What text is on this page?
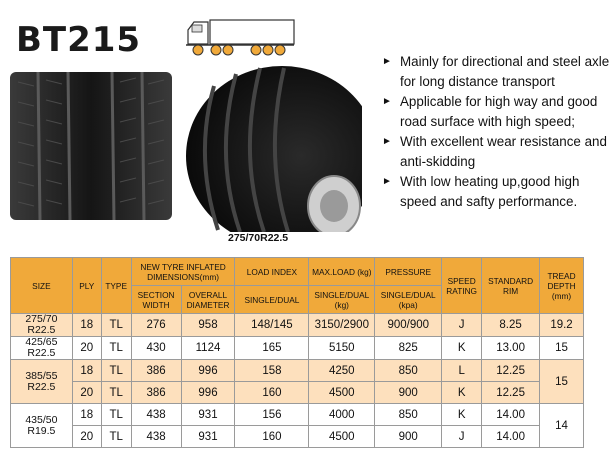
BT215
275/70R22.5
► Mainly for directional and steel axle for long distance transport
► Applicable for high way and good road surface with high speed;
► With excellent wear resistance and anti-skidding
► With low heating up,good high speed and safty performance.
SIZE	PLY	TYPE	NEW TYRE INFLATED DIMENSIONS(mm)		LOAD INDEX	MAX.LOAD (kg)	PRESSURE	SPEED RATING	STANDARD RIM	TREAD DEPTH (mm)
			SECTION WIDTH	OVERALL DIAMETER	SINGLE/DUAL	SINGLE/DUAL (kg)	SINGLE/DUAL (kpa)			
275/70 R22.5	18	TL	276	958	148/145	3150/2900	900/900	J	8.25	19.2
425/65 R22.5	20	TL	430	1124	165	5150	825	K	13.00	15
385/55 R22.5	18	TL	386	996	158	4250	850	L	12.25	15
	20	TL	386	996	160	4500	900	K	12.25	
435/50 R19.5	18	TL	438	931	156	4000	850	K	14.00	14
	20	TL	438	931	160	4500	900	J	14.00	
